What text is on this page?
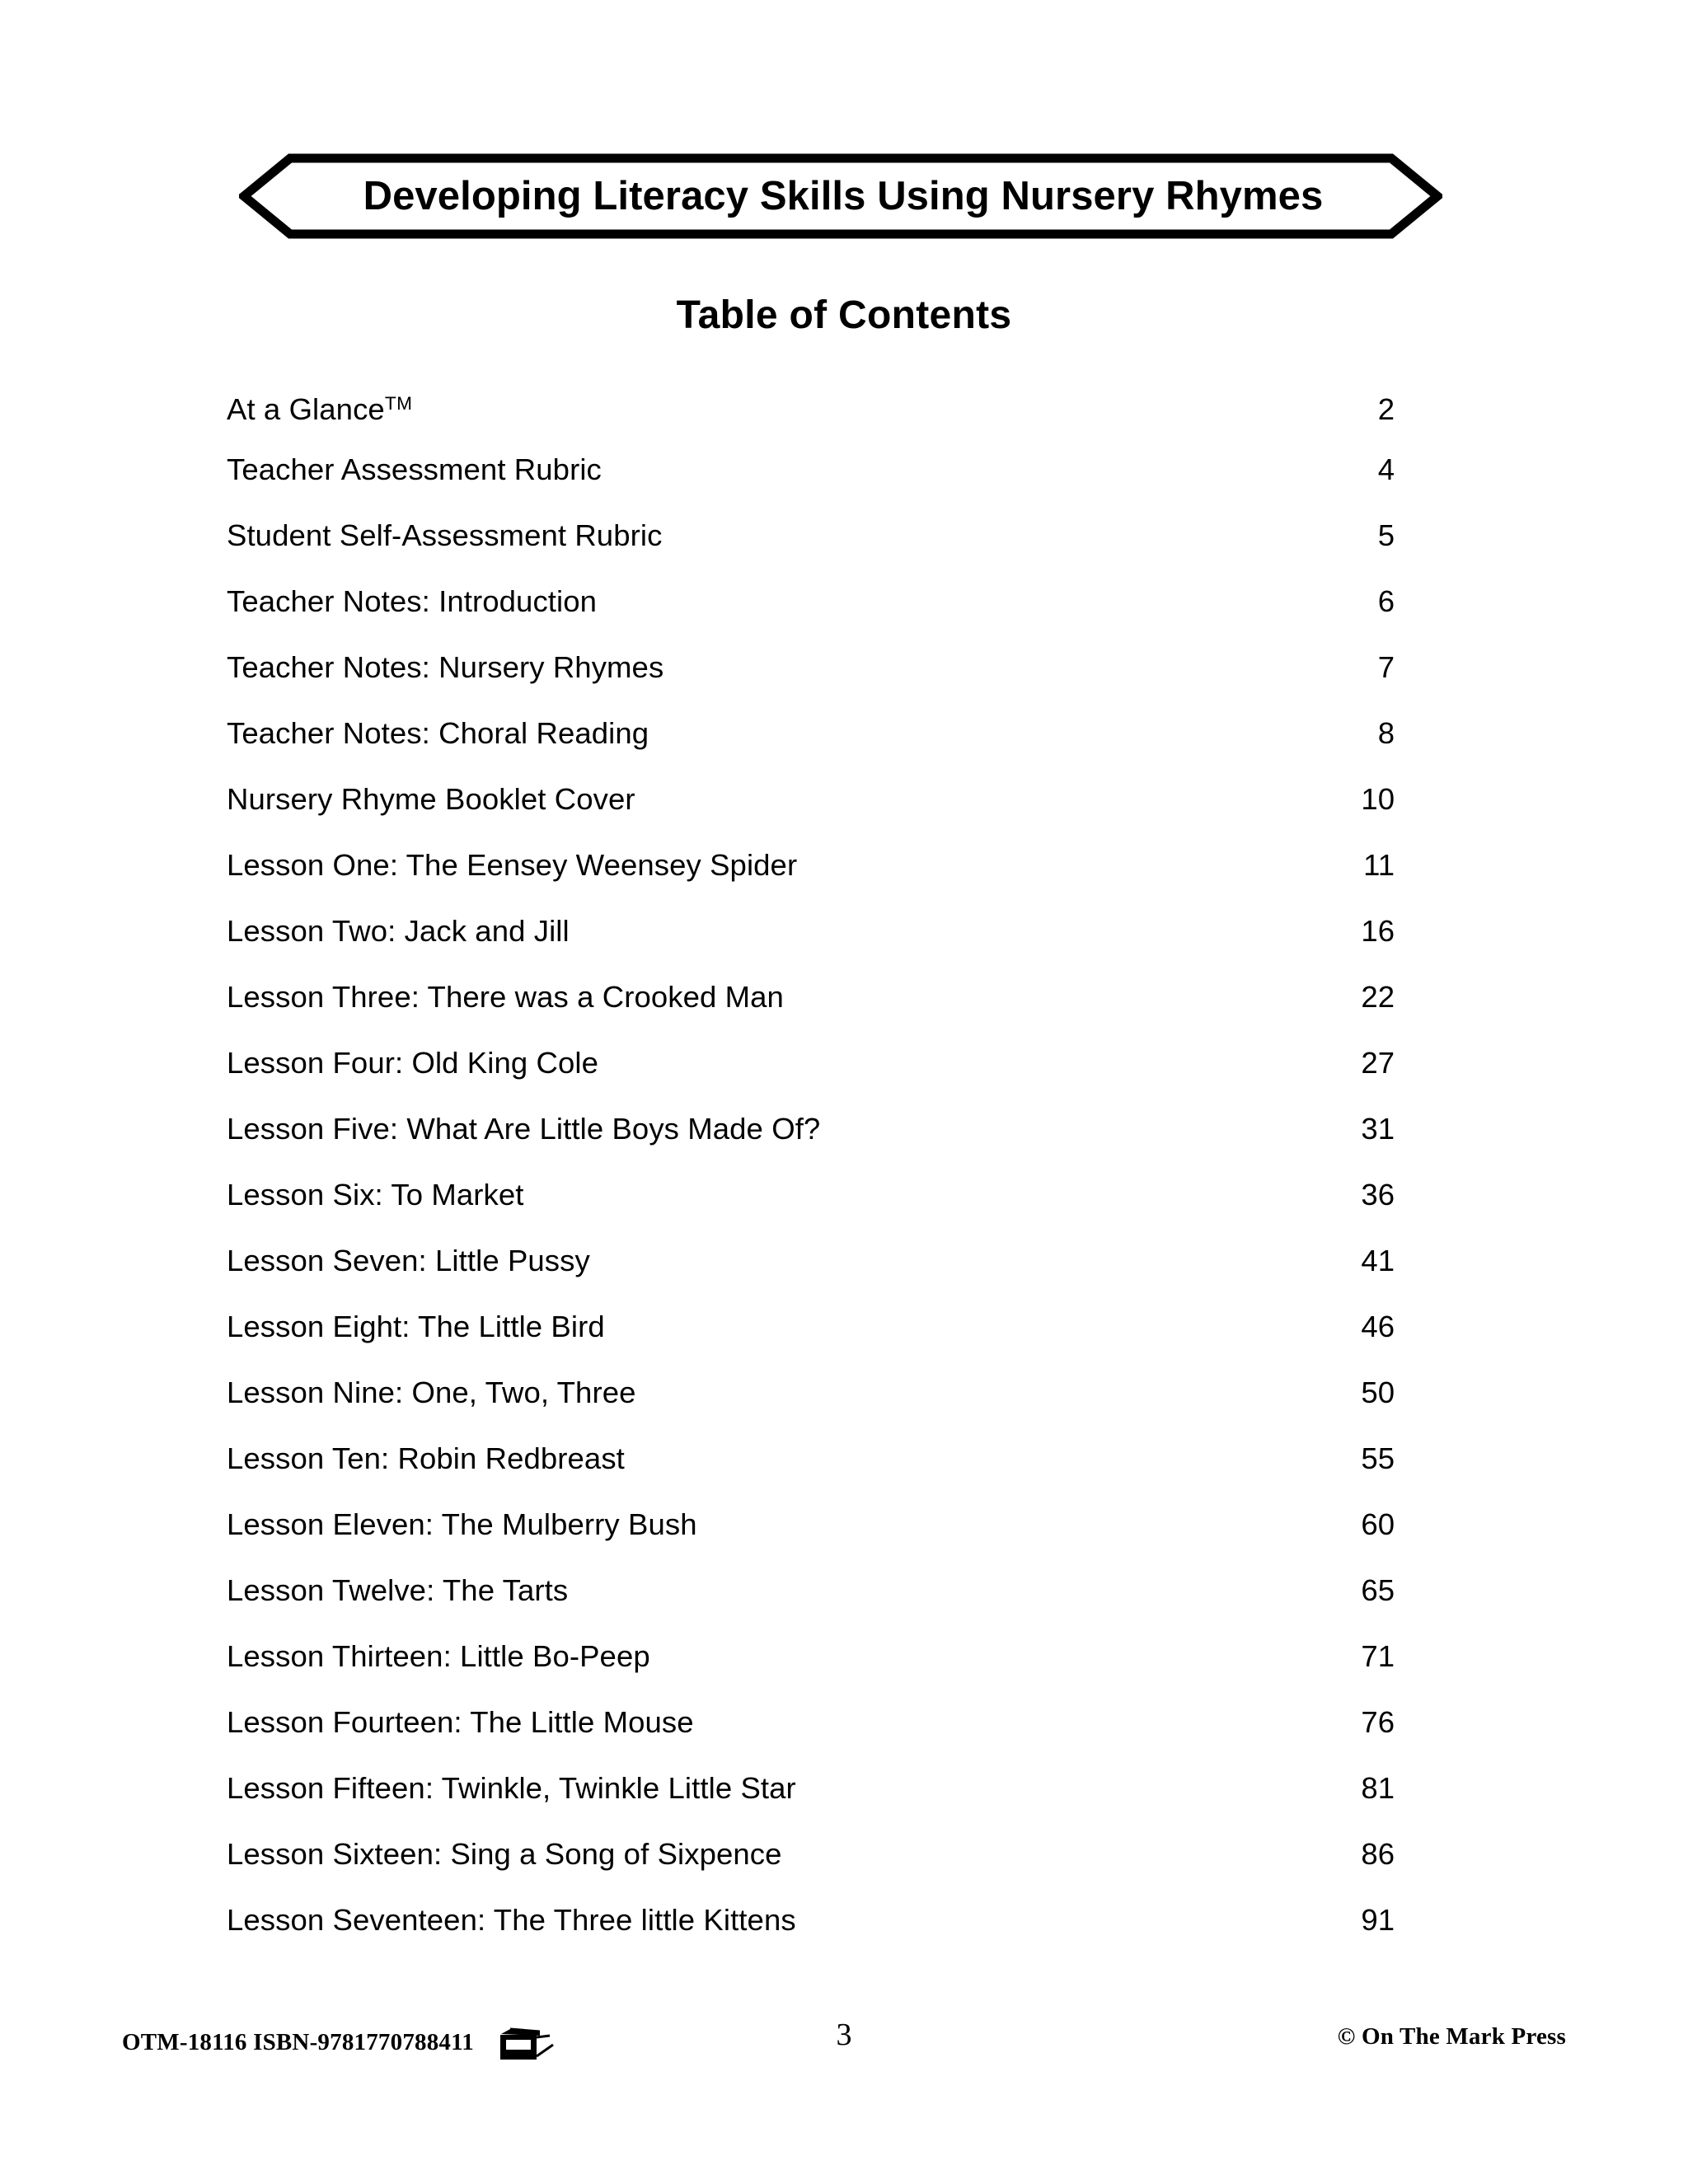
Developing Literacy Skills Using Nursery Rhymes
Table of Contents
At a Glance™ .....	2
Teacher Assessment Rubric .....	4
Student Self-Assessment Rubric .....	5
Teacher Notes: Introduction .....	6
Teacher Notes: Nursery Rhymes .....	7
Teacher Notes: Choral Reading .....	8
Nursery Rhyme Booklet Cover .....	10
Lesson One: The Eensey Weensey Spider .....	11
Lesson Two: Jack and Jill .....	16
Lesson Three: There was a Crooked Man .....	22
Lesson Four: Old King Cole .....	27
Lesson Five: What Are Little Boys Made Of? .....	31
Lesson Six: To Market .....	36
Lesson Seven: Little Pussy .....	41
Lesson Eight: The Little Bird .....	46
Lesson Nine: One, Two, Three .....	50
Lesson Ten: Robin Redbreast .....	55
Lesson Eleven: The Mulberry Bush .....	60
Lesson Twelve: The Tarts .....	65
Lesson Thirteen: Little Bo-Peep .....	71
Lesson Fourteen: The Little Mouse .....	76
Lesson Fifteen: Twinkle, Twinkle Little Star .....	81
Lesson Sixteen: Sing a Song of Sixpence .....	86
Lesson Seventeen: The Three little Kittens .....	91
OTM-18116 ISBN-9781770788411	3	© On The Mark Press
